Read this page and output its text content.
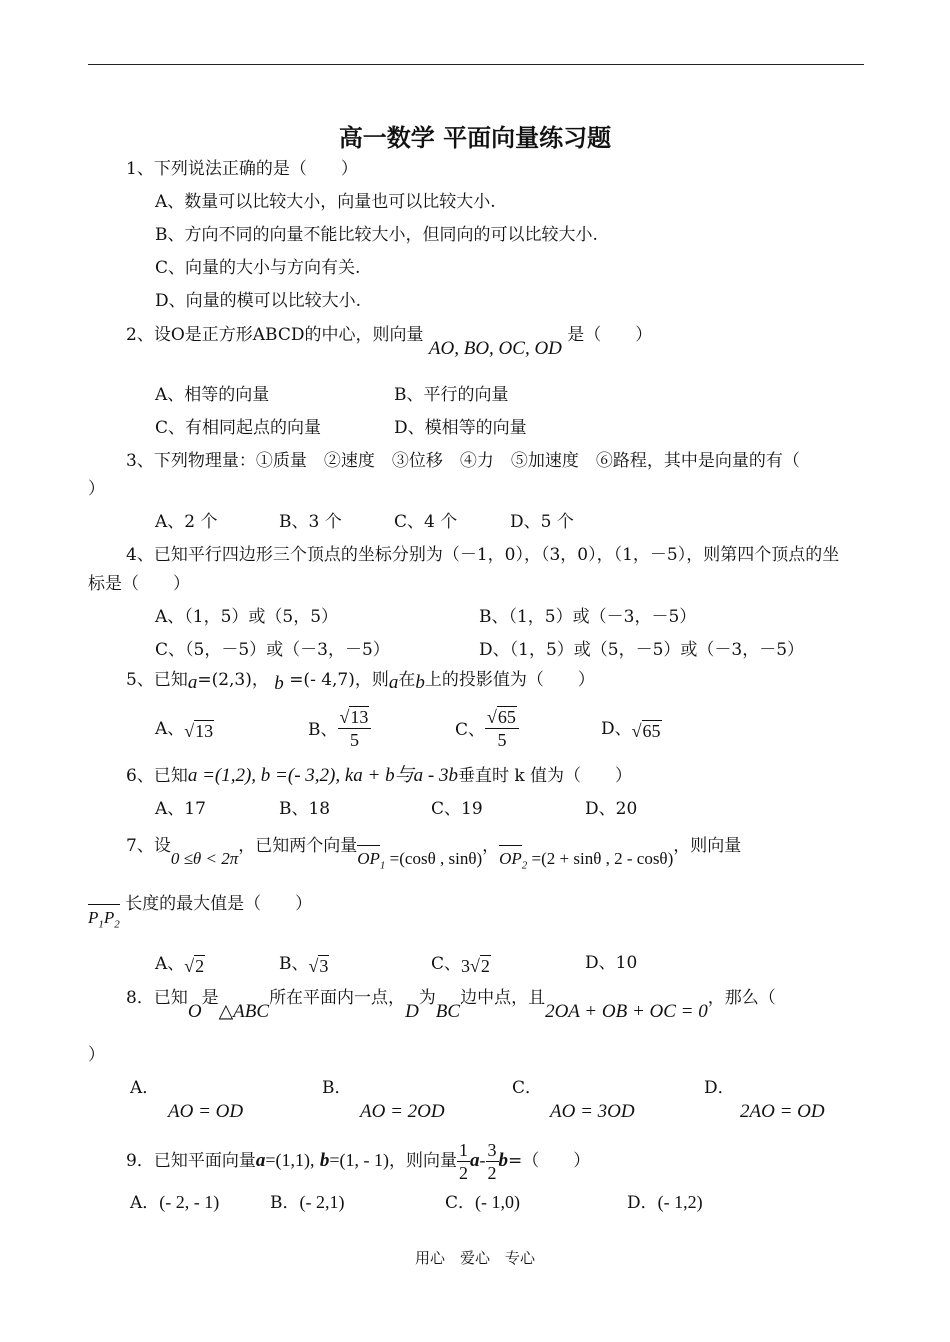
高一数学 平面向量练习题
1、下列说法正确的是（　　）
A、数量可以比较大小，向量也可以比较大小.
B、方向不同的向量不能比较大小，但同向的可以比较大小.
C、向量的大小与方向有关.
D、向量的模可以比较大小.
2、设O是正方形ABCD的中心，则向量 AO, BO, OC, OD 是（　　）
A、相等的向量	B、平行的向量
C、有相同起点的向量	D、模相等的向量
3、下列物理量：①质量　②速度　③位移　④力　⑤加速度　⑥路程，其中是向量的有（
）
A、2 个	B、3 个	C、4 个	D、5 个
4、已知平行四边形三个顶点的坐标分别为（－1，0），（3，0），（1，－5），则第四个顶点的坐
标是（　　）
A、（1，5）或（5，5）	B、（1，5）或（－3，－5）
C、（5，－5）或（－3，－5）	D、（1，5）或（5，－5）或（－3，－5）
5、已知a=(2,3)， b =(- 4,7)，则a在b上的投影值为（　　）
A、√13	B、 $\frac{√13}{5}$	C、 $\frac{√65}{5}$	D、√65
6、已知a =(1,2), b =(- 3,2), ka + b与a - 3b垂直时 k 值为（　　）
A、17	B、18	C、19	D、20
7、设0 ≤θ < 2π，已知两个向量$OP_1 =(\cos\theta$ , sinθ)，$OP_2 =(2 + \sin\theta$ , 2 - cosθ)，则向量
$P_1P_2$ 长度的最大值是（　　）
A、√2	B、√3	C、3√2	D、10
8．已知O是△ABC所在平面内一点，D为BC边中点，且2OA + OB + OC = 0，那么（
）
A．
AO = OD
B．
AO = 2OD
C．
AO = 3OD
D．
2AO = OD
9．已知平面向量a=(1,1), b=(1, - 1)，则向量 $\frac{1}{2} a- \frac{3}{2} b=$（　　）
A．(- 2, - 1)	B．(- 2,1)	C．(- 1,0)	D．(- 1,2)
用心　爱心　专心
